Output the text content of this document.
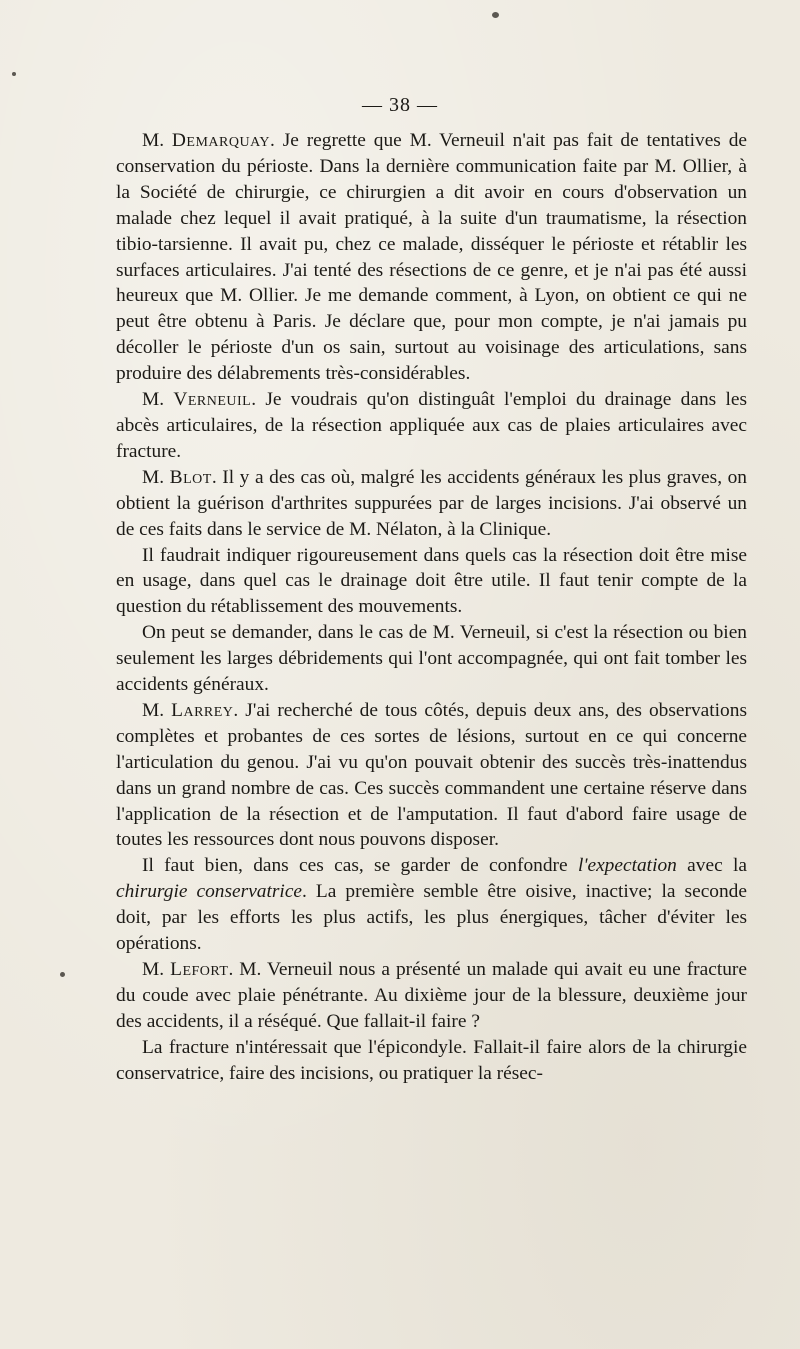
— 38 —

M. Demarquay. Je regrette que M. Verneuil n'ait pas fait de tentatives de conservation du périoste. Dans la dernière communication faite par M. Ollier, à la Société de chirurgie, ce chirurgien a dit avoir en cours d'observation un malade chez lequel il avait pratiqué, à la suite d'un traumatisme, la résection tibio-tarsienne. Il avait pu, chez ce malade, disséquer le périoste et rétablir les surfaces articulaires. J'ai tenté des résections de ce genre, et je n'ai pas été aussi heureux que M. Ollier. Je me demande comment, à Lyon, on obtient ce qui ne peut être obtenu à Paris. Je déclare que, pour mon compte, je n'ai jamais pu décoller le périoste d'un os sain, surtout au voisinage des articulations, sans produire des délabrements très-considérables.

M. Verneuil. Je voudrais qu'on distinguât l'emploi du drainage dans les abcès articulaires, de la résection appliquée aux cas de plaies articulaires avec fracture.

M. Blot. Il y a des cas où, malgré les accidents généraux les plus graves, on obtient la guérison d'arthrites suppurées par de larges incisions. J'ai observé un de ces faits dans le service de M. Nélaton, à la Clinique.

Il faudrait indiquer rigoureusement dans quels cas la résection doit être mise en usage, dans quel cas le drainage doit être utile. Il faut tenir compte de la question du rétablissement des mouvements.

On peut se demander, dans le cas de M. Verneuil, si c'est la résection ou bien seulement les larges débridements qui l'ont accompagnée, qui ont fait tomber les accidents généraux.

M. Larrey. J'ai recherché de tous côtés, depuis deux ans, des observations complètes et probantes de ces sortes de lésions, surtout en ce qui concerne l'articulation du genou. J'ai vu qu'on pouvait obtenir des succès très-inattendus dans un grand nombre de cas. Ces succès commandent une certaine réserve dans l'application de la résection et de l'amputation. Il faut d'abord faire usage de toutes les ressources dont nous pouvons disposer.

Il faut bien, dans ces cas, se garder de confondre l'expectation avec la chirurgie conservatrice. La première semble être oisive, inactive; la seconde doit, par les efforts les plus actifs, les plus énergiques, tâcher d'éviter les opérations.

M. Lefort. M. Verneuil nous a présenté un malade qui avait eu une fracture du coude avec plaie pénétrante. Au dixième jour de la blessure, deuxième jour des accidents, il a réséqué. Que fallait-il faire ?

La fracture n'intéressait que l'épicondyle. Fallait-il faire alors de la chirurgie conservatrice, faire des incisions, ou pratiquer la résec-
